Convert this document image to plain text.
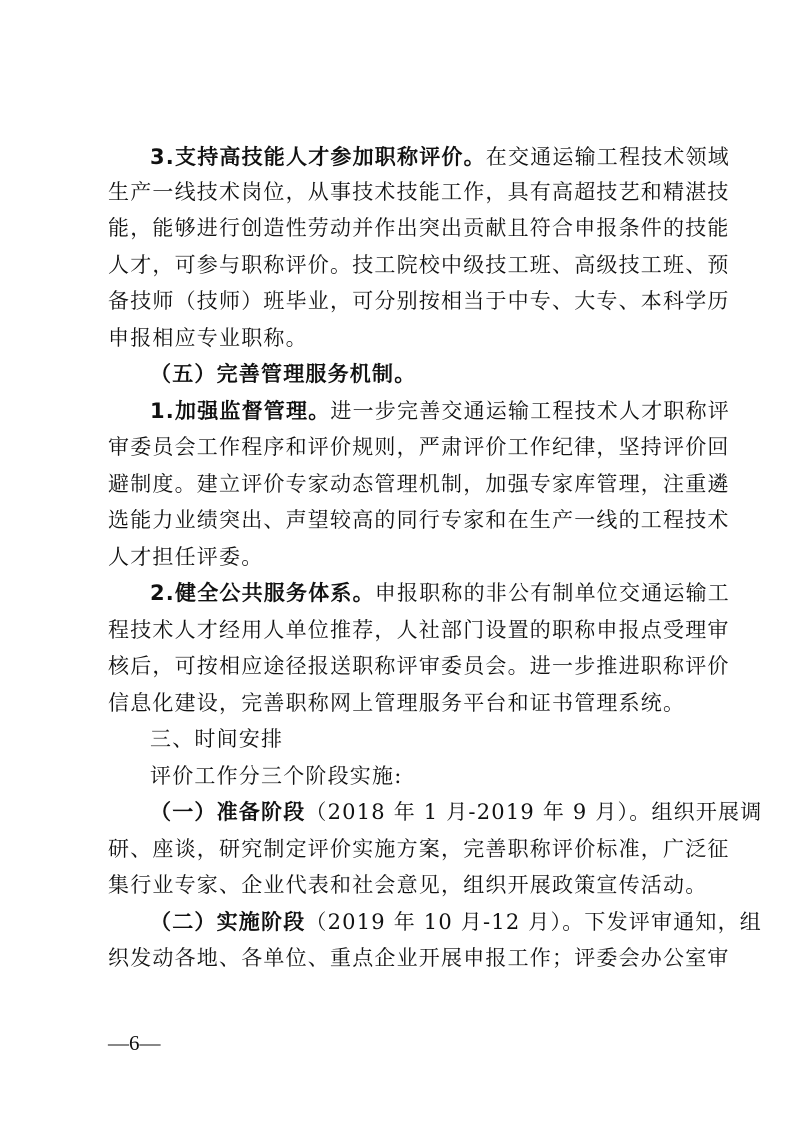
3.支持高技能人才参加职称评价。在交通运输工程技术领域
生产一线技术岗位，从事技术技能工作，具有高超技艺和精湛技
能，能够进行创造性劳动并作出突出贡献且符合申报条件的技能
人才，可参与职称评价。技工院校中级技工班、高级技工班、预
备技师（技师）班毕业，可分别按相当于中专、大专、本科学历
申报相应专业职称。
（五）完善管理服务机制。
1.加强监督管理。进一步完善交通运输工程技术人才职称评
审委员会工作程序和评价规则，严肃评价工作纪律，坚持评价回
避制度。建立评价专家动态管理机制，加强专家库管理，注重遴
选能力业绩突出、声望较高的同行专家和在生产一线的工程技术
人才担任评委。
2.健全公共服务体系。申报职称的非公有制单位交通运输工
程技术人才经用人单位推荐，人社部门设置的职称申报点受理审
核后，可按相应途径报送职称评审委员会。进一步推进职称评价
信息化建设，完善职称网上管理服务平台和证书管理系统。
三、时间安排
评价工作分三个阶段实施:
（一）准备阶段（2018 年 1 月-2019 年 9 月）。组织开展调
研、座谈，研究制定评价实施方案，完善职称评价标准，广泛征
集行业专家、企业代表和社会意见，组织开展政策宣传活动。
（二）实施阶段（2019 年 10 月-12 月）。下发评审通知，组
织发动各地、各单位、重点企业开展申报工作；评委会办公室审
—6—
